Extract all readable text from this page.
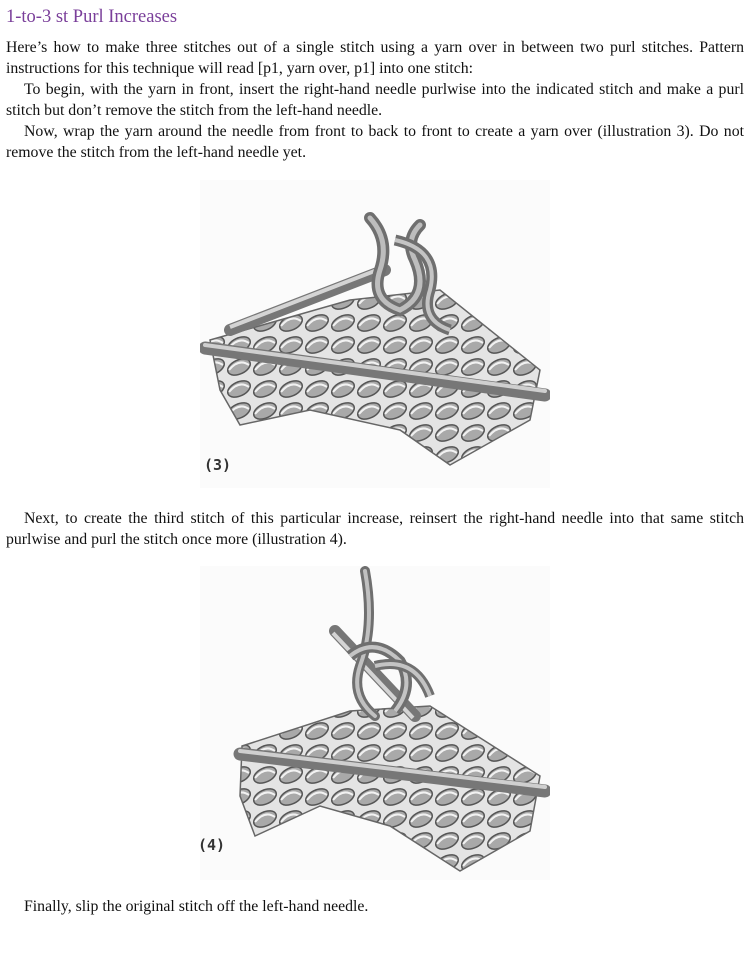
1-to-3 st Purl Increases

Here’s how to make three stitches out of a single stitch using a yarn over in between two purl stitches. Pattern instructions for this technique will read [p1, yarn over, p1] into one stitch:

To begin, with the yarn in front, insert the right-hand needle purlwise into the indicated stitch and make a purl stitch but don’t remove the stitch from the left-hand needle.

Now, wrap the yarn around the needle from front to back to front to create a yarn over (illustration 3). Do not remove the stitch from the left-hand needle yet.

(3)

Next, to create the third stitch of this particular increase, reinsert the right-hand needle into that same stitch purlwise and purl the stitch once more (illustration 4).

(4)

Finally, slip the original stitch off the left-hand needle.
